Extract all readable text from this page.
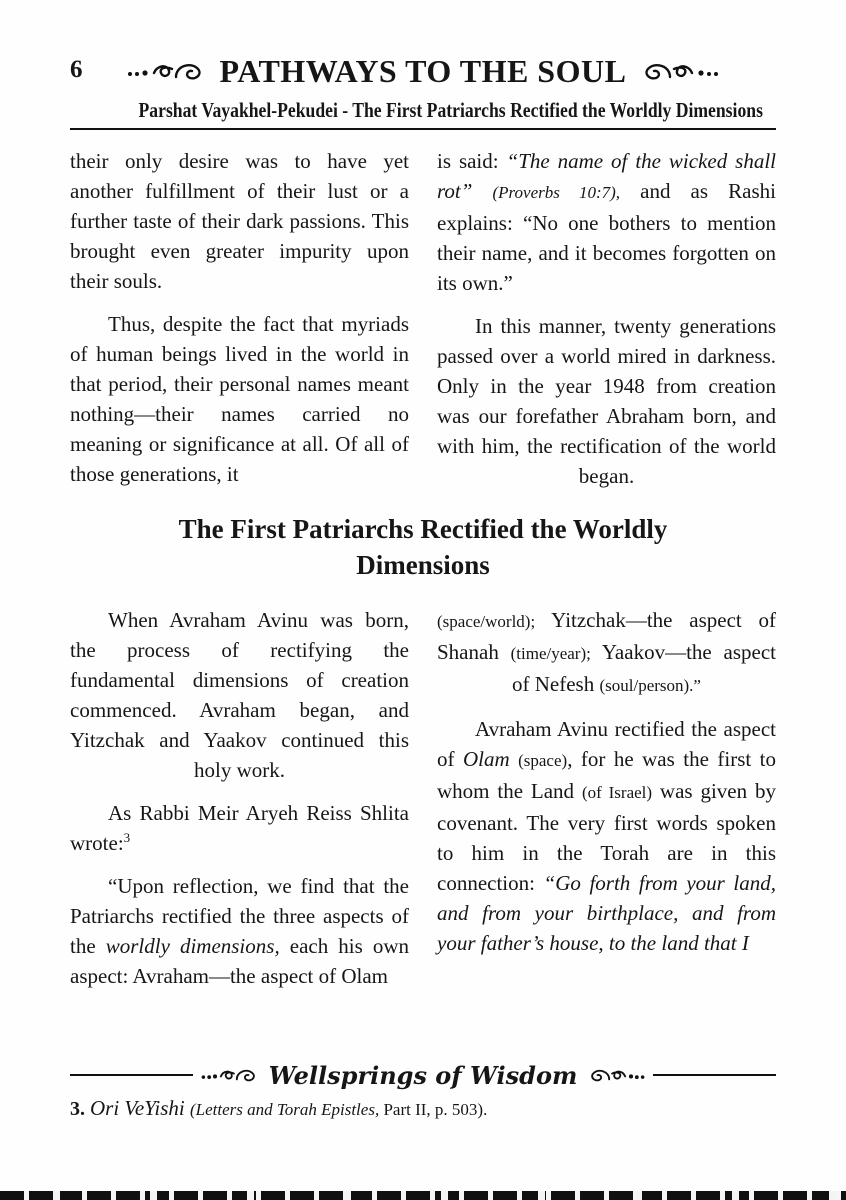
6	PATHWAYS TO THE SOUL
Parshat Vayakhel-Pekudei - The First Patriarchs Rectified the Worldly Dimensions

their only desire was to have yet another fulfillment of their lust or a further taste of their dark passions. This brought even greater impurity upon their souls.

Thus, despite the fact that myriads of human beings lived in the world in that period, their personal names meant nothing—their names carried no meaning or significance at all. Of all of those generations, it

is said: “The name of the wicked shall rot” (Proverbs 10:7), and as Rashi explains: “No one bothers to mention their name, and it becomes forgotten on its own.”

In this manner, twenty generations passed over a world mired in darkness. Only in the year 1948 from creation was our forefather Abraham born, and with him, the rectification of the world began.

The First Patriarchs Rectified the Worldly Dimensions

When Avraham Avinu was born, the process of rectifying the fundamental dimensions of creation commenced. Avraham began, and Yitzchak and Yaakov continued this holy work.

As Rabbi Meir Aryeh Reiss Shlita wrote:$^3$

“Upon reflection, we find that the Patriarchs rectified the three aspects of the worldly dimensions, each his own aspect: Avraham—the aspect of Olam

(space/world); Yitzchak—the aspect of Shanah (time/year); Yaakov—the aspect of Nefesh (soul/person).”

Avraham Avinu rectified the aspect of Olam (space), for he was the first to whom the Land (of Israel) was given by covenant. The very first words spoken to him in the Torah are in this connection: “Go forth from your land, and from your birthplace, and from your father’s house, to the land that I

Wellsprings of Wisdom
3. Ori VeYishi (Letters and Torah Epistles, Part II, p. 503).
